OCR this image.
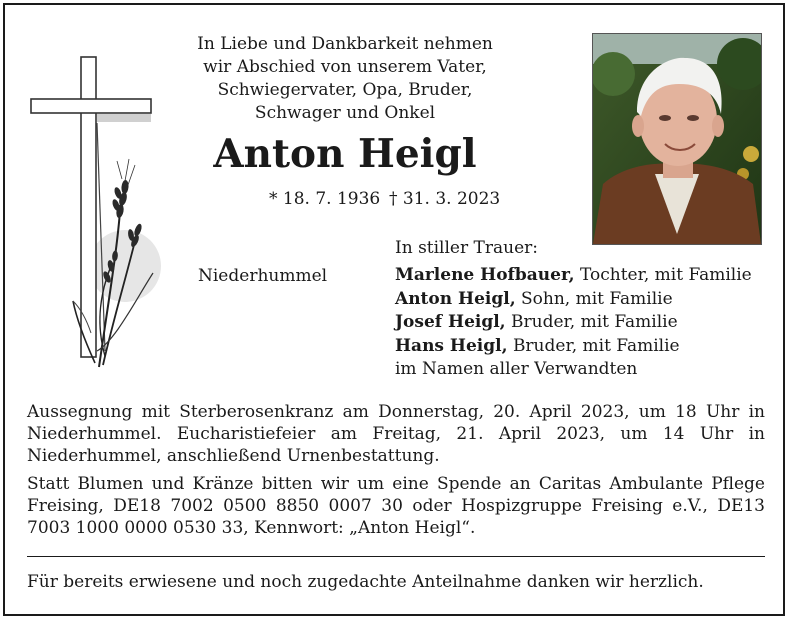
In Liebe und Dankbarkeit nehmen
wir Abschied von unserem Vater,
Schwiegervater, Opa, Bruder,
Schwager und Onkel
Anton Heigl
* 18. 7. 1936 † 31. 3. 2023
In stiller Trauer:
Niederhummel	Marlene Hofbauer, Tochter, mit Familie
Anton Heigl, Sohn, mit Familie
Josef Heigl, Bruder, mit Familie
Hans Heigl, Bruder, mit Familie
im Namen aller Verwandten
Aussegnung mit Sterberosenkranz am Donnerstag, 20. April 2023, um 18 Uhr in Niederhummel. Eucharistiefeier am Freitag, 21. April 2023, um 14 Uhr in Niederhummel, anschließend Urnenbestattung.
Statt Blumen und Kränze bitten wir um eine Spende an Caritas Ambulante Pflege Freising, DE18 7002 0500 8850 0007 30 oder Hospizgruppe Freising e.V., DE13 7003 1000 0000 0530 33, Kennwort: „Anton Heigl“.
Für bereits erwiesene und noch zugedachte Anteilnahme danken wir herzlich.
